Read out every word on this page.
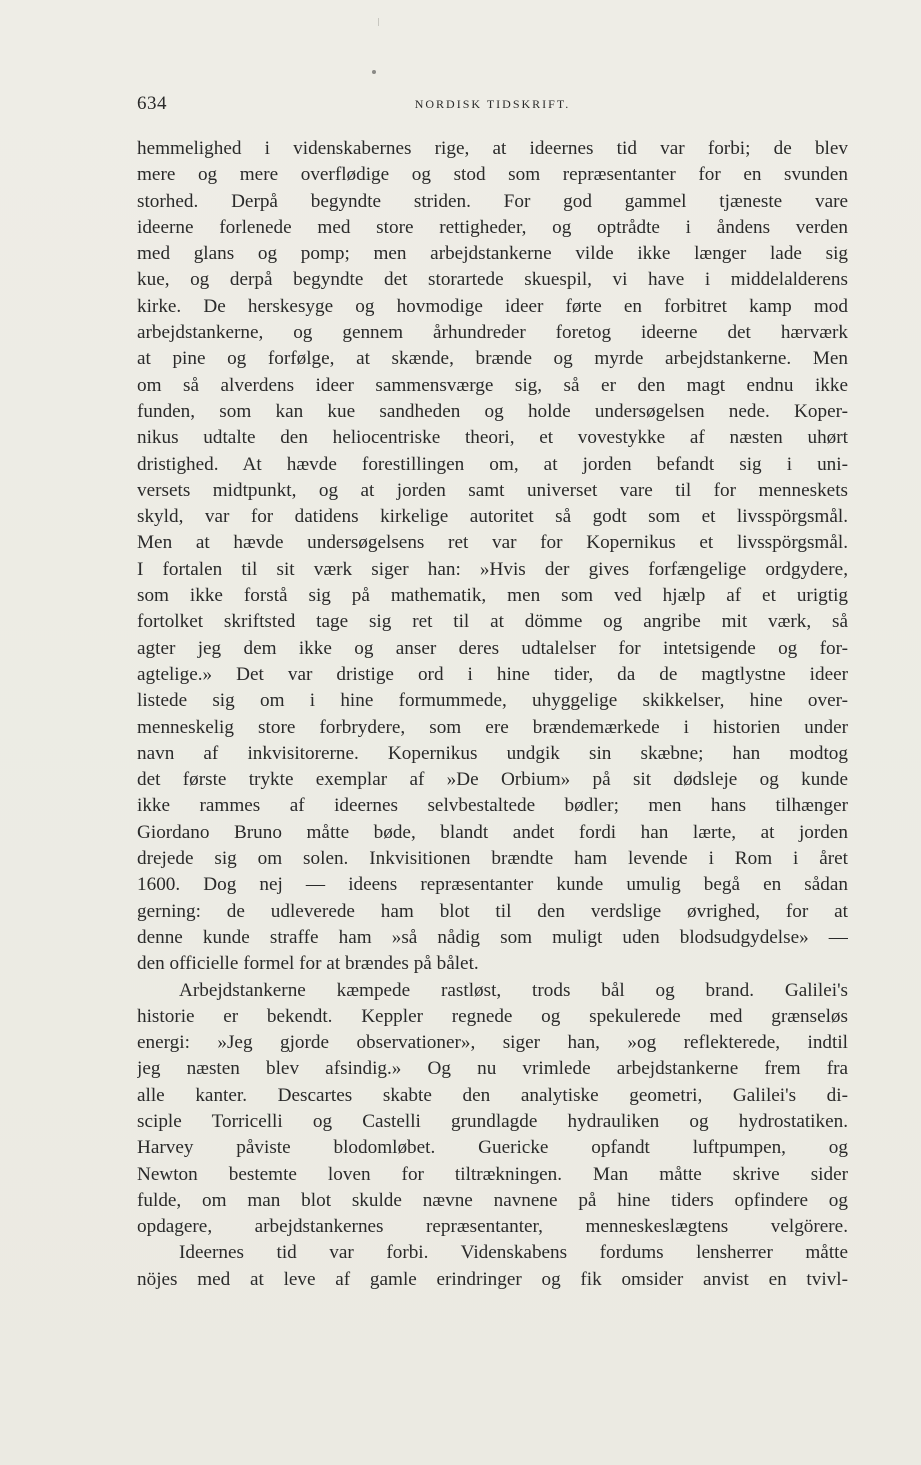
634	NORDISK TIDSKRIFT.
hemmelighed i videnskabernes rige, at ideernes tid var forbi; de blev
mere og mere overflødige og stod som repræsentanter for en svunden
storhed. Derpå begyndte striden. For god gammel tjæneste vare
ideerne forlenede med store rettigheder, og optrådte i åndens verden
med glans og pomp; men arbejdstankerne vilde ikke længer lade sig
kue, og derpå begyndte det storartede skuespil, vi have i middelalderens
kirke. De herskesyge og hovmodige ideer førte en forbitret kamp mod
arbejdstankerne, og gennem århundreder foretog ideerne det hærværk
at pine og forfølge, at skænde, brænde og myrde arbejdstankerne. Men
om så alverdens ideer sammensværge sig, så er den magt endnu ikke
funden, som kan kue sandheden og holde undersøgelsen nede. Koper-
nikus udtalte den heliocentriske theori, et vovestykke af næsten uhørt
dristighed. At hævde forestillingen om, at jorden befandt sig i uni-
versets midtpunkt, og at jorden samt universet vare til for menneskets
skyld, var for datidens kirkelige autoritet så godt som et livsspörgsmål.
Men at hævde undersøgelsens ret var for Kopernikus et livsspörgsmål.
I fortalen til sit værk siger han: »Hvis der gives forfængelige ordgydere,
som ikke forstå sig på mathematik, men som ved hjælp af et urigtig
fortolket skriftsted tage sig ret til at dömme og angribe mit værk, så
agter jeg dem ikke og anser deres udtalelser for intetsigende og for-
agtelige.» Det var dristige ord i hine tider, da de magtlystne ideer
listede sig om i hine formummede, uhyggelige skikkelser, hine over-
menneskelig store forbrydere, som ere brændemærkede i historien under
navn af inkvisitorerne. Kopernikus undgik sin skæbne; han modtog
det første trykte exemplar af »De Orbium» på sit dødsleje og kunde
ikke rammes af ideernes selvbestaltede bødler; men hans tilhænger
Giordano Bruno måtte bøde, blandt andet fordi han lærte, at jorden
drejede sig om solen. Inkvisitionen brændte ham levende i Rom i året
1600. Dog nej — ideens repræsentanter kunde umulig begå en sådan
gerning: de udleverede ham blot til den verdslige øvrighed, for at
denne kunde straffe ham »så nådig som muligt uden blodsudgydelse» —
den officielle formel for at brændes på bålet.
Arbejdstankerne kæmpede rastløst, trods bål og brand. Galilei's
historie er bekendt. Keppler regnede og spekulerede med grænseløs
energi: »Jeg gjorde observationer», siger han, »og reflekterede, indtil
jeg næsten blev afsindig.» Og nu vrimlede arbejdstankerne frem fra
alle kanter. Descartes skabte den analytiske geometri, Galilei's di-
sciple Torricelli og Castelli grundlagde hydrauliken og hydrostatiken.
Harvey påviste blodomløbet. Guericke opfandt luftpumpen, og
Newton bestemte loven for tiltrækningen. Man måtte skrive sider
fulde, om man blot skulde nævne navnene på hine tiders opfindere og
opdagere, arbejdstankernes repræsentanter, menneskeslægtens velgörere.
Ideernes tid var forbi. Videnskabens fordums lensherrer måtte
nöjes med at leve af gamle erindringer og fik omsider anvist en tvivl-
